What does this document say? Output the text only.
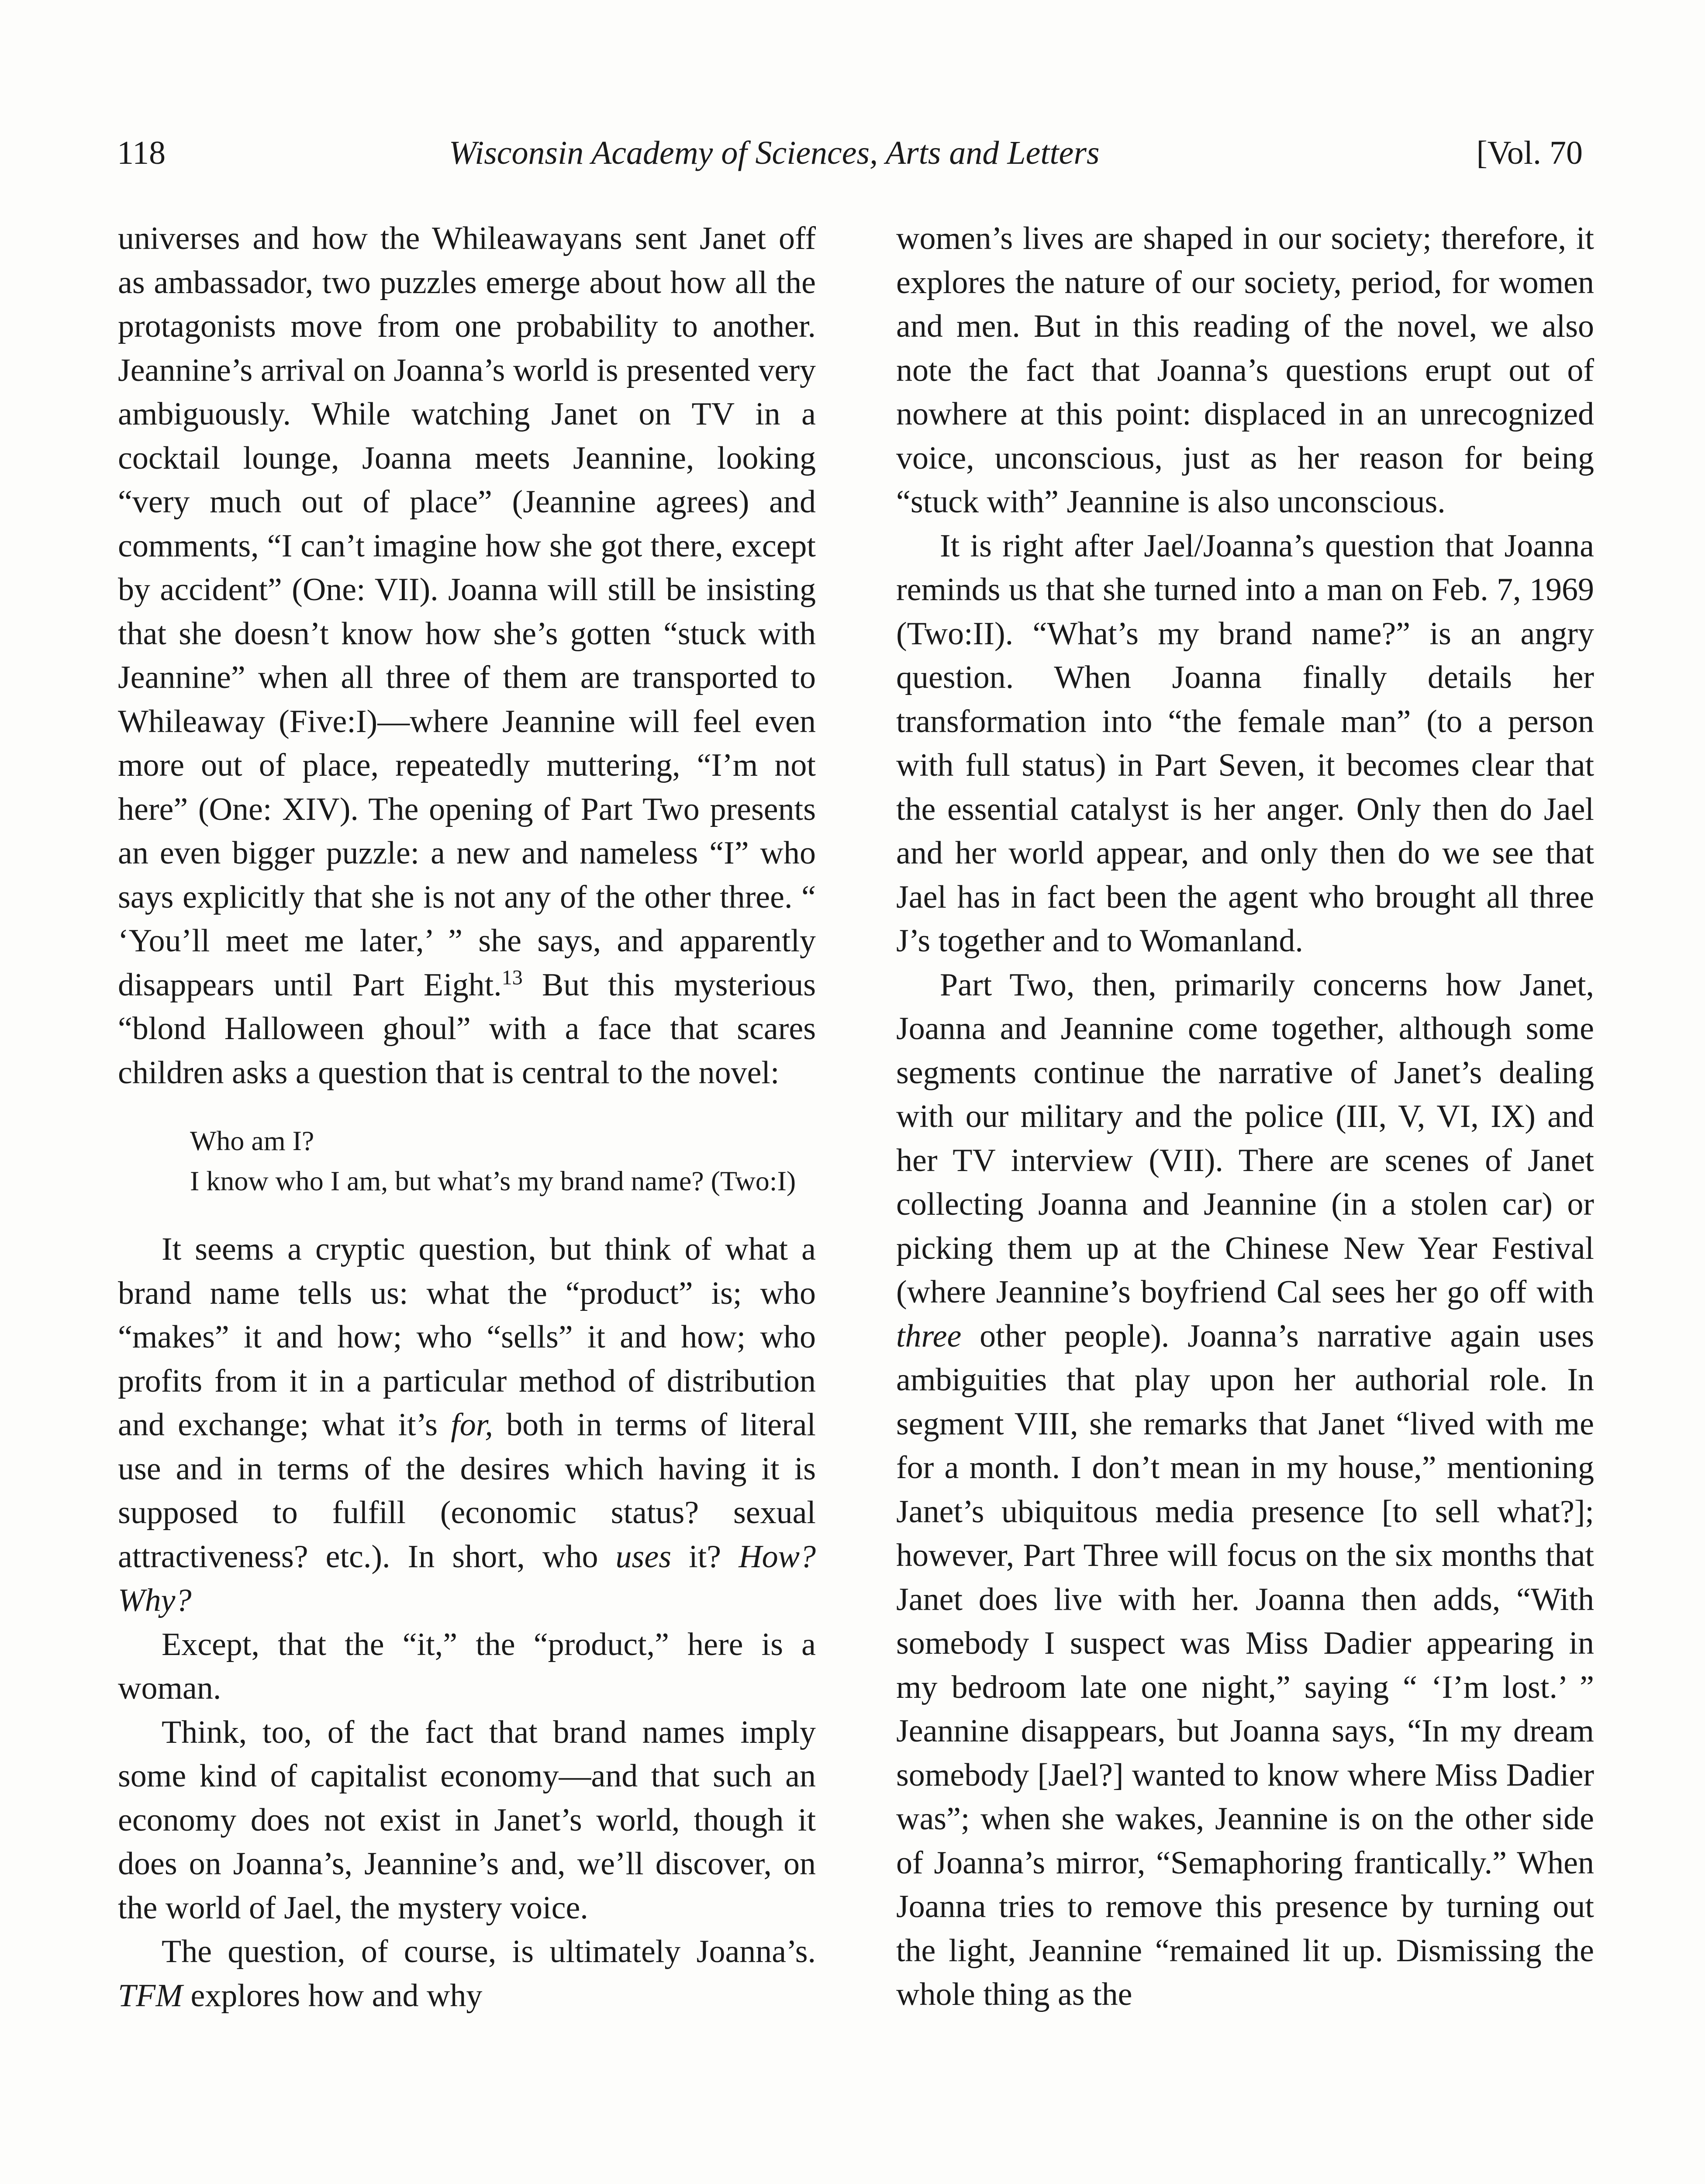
118	Wisconsin Academy of Sciences, Arts and Letters	[Vol. 70

universes and how the Whileawayans sent Janet off as ambassador, two puzzles emerge about how all the protagonists move from one probability to another. Jeannine’s arrival on Joanna’s world is presented very ambiguously. While watching Janet on TV in a cocktail lounge, Joanna meets Jeannine, looking “very much out of place” (Jeannine agrees) and comments, “I can’t imagine how she got there, except by accident” (One: VII). Joanna will still be insisting that she doesn’t know how she’s gotten “stuck with Jeannine” when all three of them are transported to Whileaway (Five:I)—where Jeannine will feel even more out of place, repeatedly muttering, “I’m not here” (One: XIV). The opening of Part Two presents an even bigger puzzle: a new and nameless “I” who says explicitly that she is not any of the other three. “ ‘You’ll meet me later,’ ” she says, and apparently disappears until Part Eight.$^{13}$ But this mysterious “blond Halloween ghoul” with a face that scares children asks a question that is central to the novel:

Who am I?
I know who I am, but what’s my brand name? (Two:I)

It seems a cryptic question, but think of what a brand name tells us: what the “product” is; who “makes” it and how; who “sells” it and how; who profits from it in a particular method of distribution and exchange; what it’s for, both in terms of literal use and in terms of the desires which having it is supposed to fulfill (economic status? sexual attractiveness? etc.). In short, who uses it? How? Why?

Except, that the “it,” the “product,” here is a woman.

Think, too, of the fact that brand names imply some kind of capitalist economy—and that such an economy does not exist in Janet’s world, though it does on Joanna’s, Jeannine’s and, we’ll discover, on the world of Jael, the mystery voice.

The question, of course, is ultimately Joanna’s. TFM explores how and why

women’s lives are shaped in our society; therefore, it explores the nature of our society, period, for women and men. But in this reading of the novel, we also note the fact that Joanna’s questions erupt out of nowhere at this point: displaced in an unrecognized voice, unconscious, just as her reason for being “stuck with” Jeannine is also unconscious.

It is right after Jael/Joanna’s question that Joanna reminds us that she turned into a man on Feb. 7, 1969 (Two:II). “What’s my brand name?” is an angry question. When Joanna finally details her transformation into “the female man” (to a person with full status) in Part Seven, it becomes clear that the essential catalyst is her anger. Only then do Jael and her world appear, and only then do we see that Jael has in fact been the agent who brought all three J’s together and to Womanland.

Part Two, then, primarily concerns how Janet, Joanna and Jeannine come together, although some segments continue the narrative of Janet’s dealing with our military and the police (III, V, VI, IX) and her TV interview (VII). There are scenes of Janet collecting Joanna and Jeannine (in a stolen car) or picking them up at the Chinese New Year Festival (where Jeannine’s boyfriend Cal sees her go off with three other people). Joanna’s narrative again uses ambiguities that play upon her authorial role. In segment VIII, she remarks that Janet “lived with me for a month. I don’t mean in my house,” mentioning Janet’s ubiquitous media presence [to sell what?]; however, Part Three will focus on the six months that Janet does live with her. Joanna then adds, “With somebody I suspect was Miss Dadier appearing in my bedroom late one night,” saying “ ‘I’m lost.’ ” Jeannine disappears, but Joanna says, “In my dream somebody [Jael?] wanted to know where Miss Dadier was”; when she wakes, Jeannine is on the other side of Joanna’s mirror, “Semaphoring frantically.” When Joanna tries to remove this presence by turning out the light, Jeannine “remained lit up. Dismissing the whole thing as the
